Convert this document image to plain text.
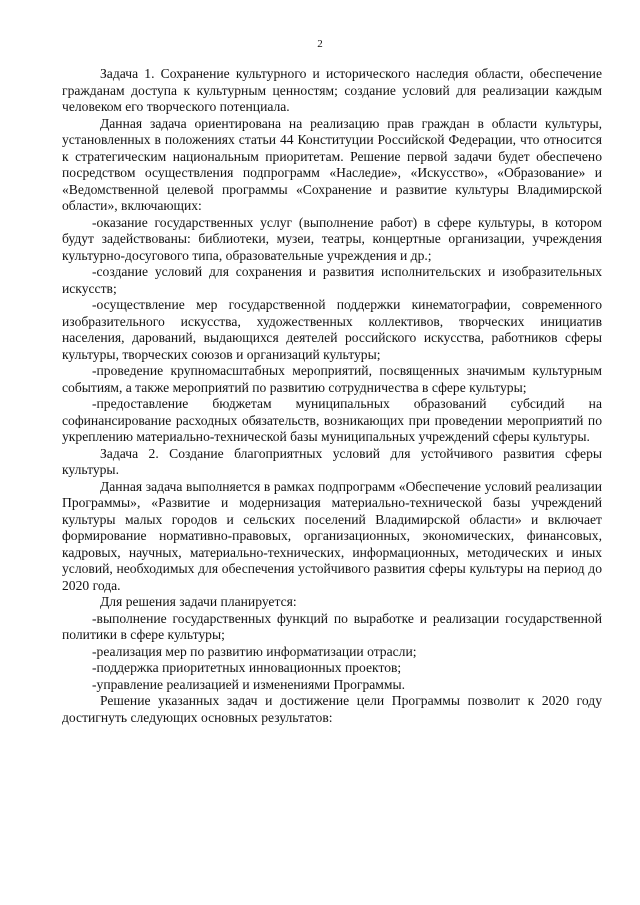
2

Задача 1. Сохранение культурного и исторического наследия области, обеспечение гражданам доступа к культурным ценностям; создание условий для реализации каждым человеком его творческого потенциала.

Данная задача ориентирована на реализацию прав граждан в области культуры, установленных в положениях статьи 44 Конституции Российской Федерации, что относится к стратегическим национальным приоритетам. Решение первой задачи будет обеспечено посредством осуществления подпрограмм «Наследие», «Искусство», «Образование» и «Ведомственной целевой программы «Сохранение и развитие культуры Владимирской области», включающих:

-оказание государственных услуг (выполнение работ) в сфере культуры, в котором будут задействованы: библиотеки, музеи, театры, концертные организации, учреждения культурно-досугового типа, образовательные учреждения и др.;

-создание условий для сохранения и развития исполнительских и изобразительных искусств;

-осуществление мер государственной поддержки кинематографии, современного изобразительного искусства, художественных коллективов, творческих инициатив населения, дарований, выдающихся деятелей российского искусства, работников сферы культуры, творческих союзов и организаций культуры;

-проведение крупномасштабных мероприятий, посвященных значимым культурным событиям, а также мероприятий по развитию сотрудничества в сфере культуры;

-предоставление бюджетам муниципальных образований субсидий на софинансирование расходных обязательств, возникающих при проведении мероприятий по укреплению материально-технической базы муниципальных учреждений сферы культуры.

Задача 2. Создание благоприятных условий для устойчивого развития сферы культуры.

Данная задача выполняется в рамках подпрограмм «Обеспечение условий реализации Программы», «Развитие и модернизация материально-технической базы учреждений культуры малых городов и сельских поселений Владимирской области» и включает формирование нормативно-правовых, организационных, экономических, финансовых, кадровых, научных, материально-технических, информационных, методических и иных условий, необходимых для обеспечения устойчивого развития сферы культуры на период до 2020 года.

Для решения задачи планируется:

-выполнение государственных функций по выработке и реализации государственной политики в сфере культуры;

-реализация мер по развитию информатизации отрасли;

-поддержка приоритетных инновационных проектов;

-управление реализацией и изменениями Программы.

Решение указанных задач и достижение цели Программы позволит к 2020 году достигнуть следующих основных результатов:
